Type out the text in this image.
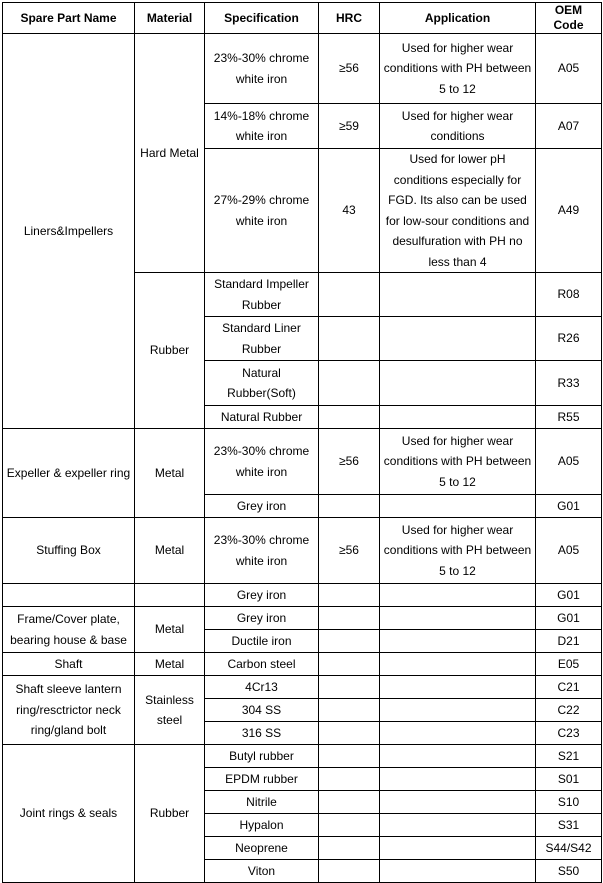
Spare Part Name	Material	Specification	HRC	Application	OEM Code
Liners&Impellers	Hard Metal	23%-30% chrome white iron	≥56	Used for higher wear conditions with PH between 5 to 12	A05
		14%-18% chrome white iron	≥59	Used for higher wear conditions	A07
		27%-29% chrome white iron	43	Used for lower pH conditions especially for FGD. Its also can be used for low-sour conditions and desulfuration with PH no less than 4	A49
	Rubber	Standard Impeller Rubber			R08
		Standard Liner Rubber			R26
		Natural Rubber(Soft)			R33
		Natural Rubber			R55
Expeller & expeller ring	Metal	23%-30% chrome white iron	≥56	Used for higher wear conditions with PH between 5 to 12	A05
		Grey iron			G01
Stuffing Box	Metal	23%-30% chrome white iron	≥56	Used for higher wear conditions with PH between 5 to 12	A05
		Grey iron			G01
Frame/Cover plate, bearing house & base	Metal	Grey iron			G01
		Ductile iron			D21
Shaft	Metal	Carbon steel			E05
Shaft sleeve lantern ring/resctrictor neck ring/gland bolt	Stainless steel	4Cr13			C21
		304 SS			C22
		316 SS			C23
Joint rings & seals	Rubber	Butyl rubber			S21
		EPDM rubber			S01
		Nitrile			S10
		Hypalon			S31
		Neoprene			S44/S42
		Viton			S50
